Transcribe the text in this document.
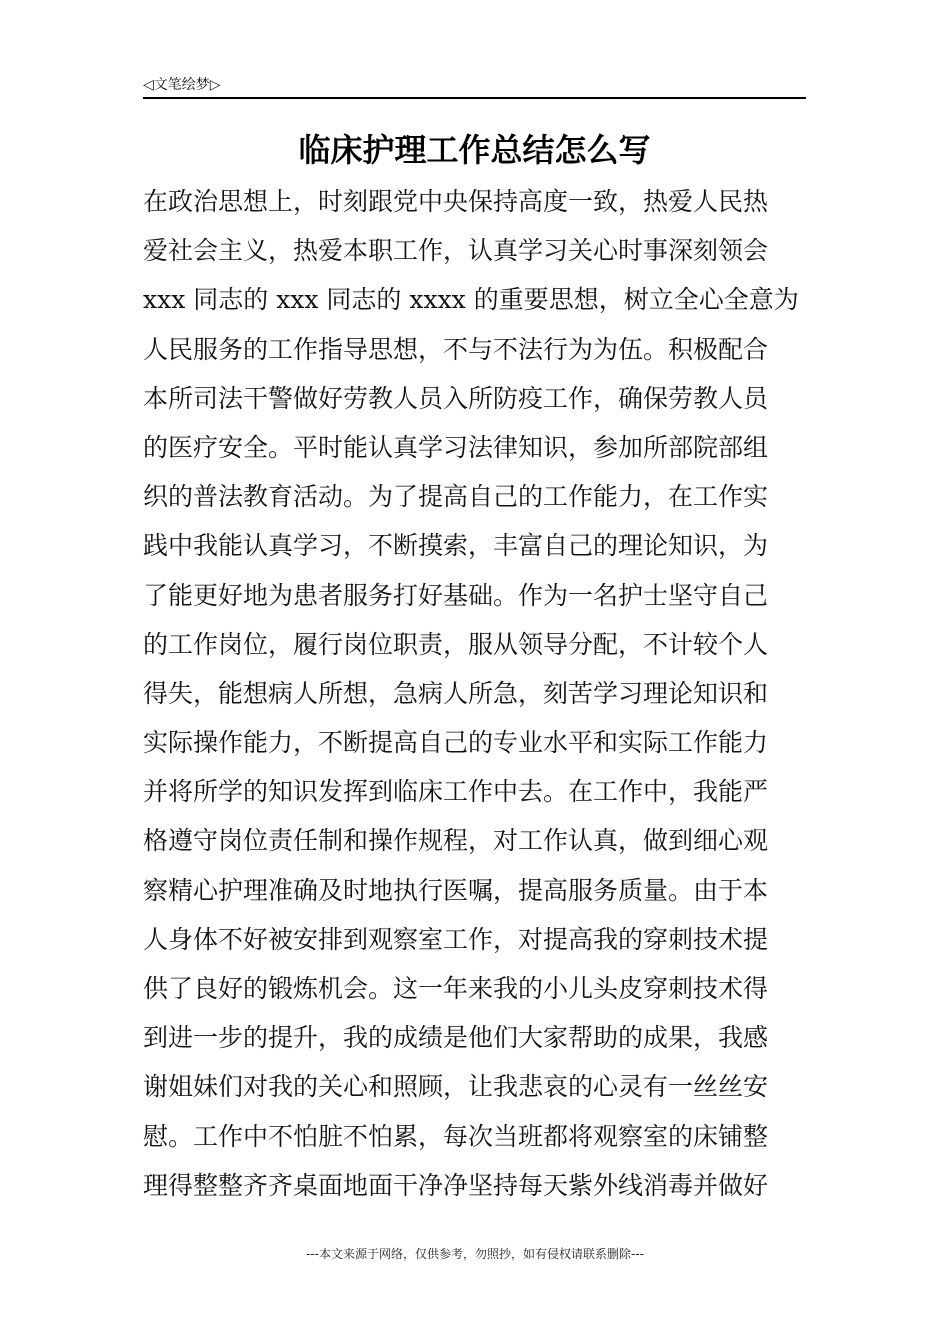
◁文笔绘梦▷
临床护理工作总结怎么写
在政治思想上，时刻跟党中央保持高度一致，热爱人民热
爱社会主义，热爱本职工作，认真学习关心时事深刻领会
xxx 同志的 xxx 同志的 xxxx 的重要思想，树立全心全意为
人民服务的工作指导思想，不与不法行为为伍。积极配合
本所司法干警做好劳教人员入所防疫工作，确保劳教人员
的医疗安全。平时能认真学习法律知识，参加所部院部组
织的普法教育活动。为了提高自己的工作能力，在工作实
践中我能认真学习，不断摸索，丰富自己的理论知识，为
了能更好地为患者服务打好基础。作为一名护士坚守自己
的工作岗位，履行岗位职责，服从领导分配，不计较个人
得失，能想病人所想，急病人所急，刻苦学习理论知识和
实际操作能力，不断提高自己的专业水平和实际工作能力
并将所学的知识发挥到临床工作中去。在工作中，我能严
格遵守岗位责任制和操作规程，对工作认真，做到细心观
察精心护理准确及时地执行医嘱，提高服务质量。由于本
人身体不好被安排到观察室工作，对提高我的穿刺技术提
供了良好的锻炼机会。这一年来我的小儿头皮穿刺技术得
到进一步的提升，我的成绩是他们大家帮助的成果，我感
谢姐妹们对我的关心和照顾，让我悲哀的心灵有一丝丝安
慰。工作中不怕脏不怕累，每次当班都将观察室的床铺整
理得整整齐齐桌面地面干净净坚持每天紫外线消毒并做好
---本文来源于网络，仅供参考，勿照抄，如有侵权请联系删除---
